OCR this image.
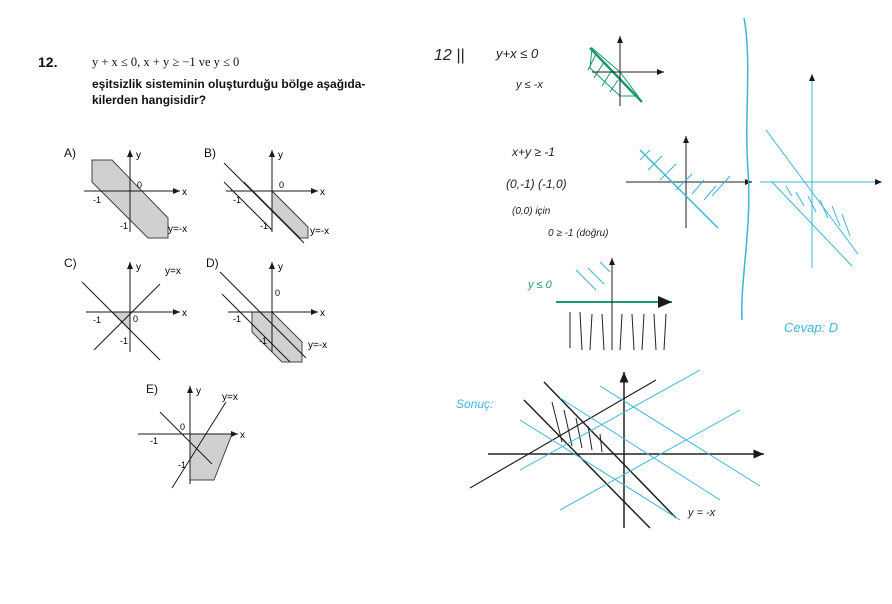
12.	y + x ≤ 0, x + y ≥ −1 ve y ≤ 0
eşitsizlik sisteminin oluşturduğu bölge aşağıda-kilerden hangisidir?
A)	B)
C)	D)
E)
y
x
0
-1
-1	y=-x
y
x
0
-1
-1	y=-x
y y=x
x
0
-1
-1
y
x
0
-1
-1	y=-x
y
y=x
x
0
-1
-1
12 || y+x ≤ 0
y ≤ -x
x+y ≥ -1
(0,-1) (-1,0)
(0,0) için
0 ≥ -1 (doğru)
y ≤ 0
Cevap: D
Sonuç:
y = -x
